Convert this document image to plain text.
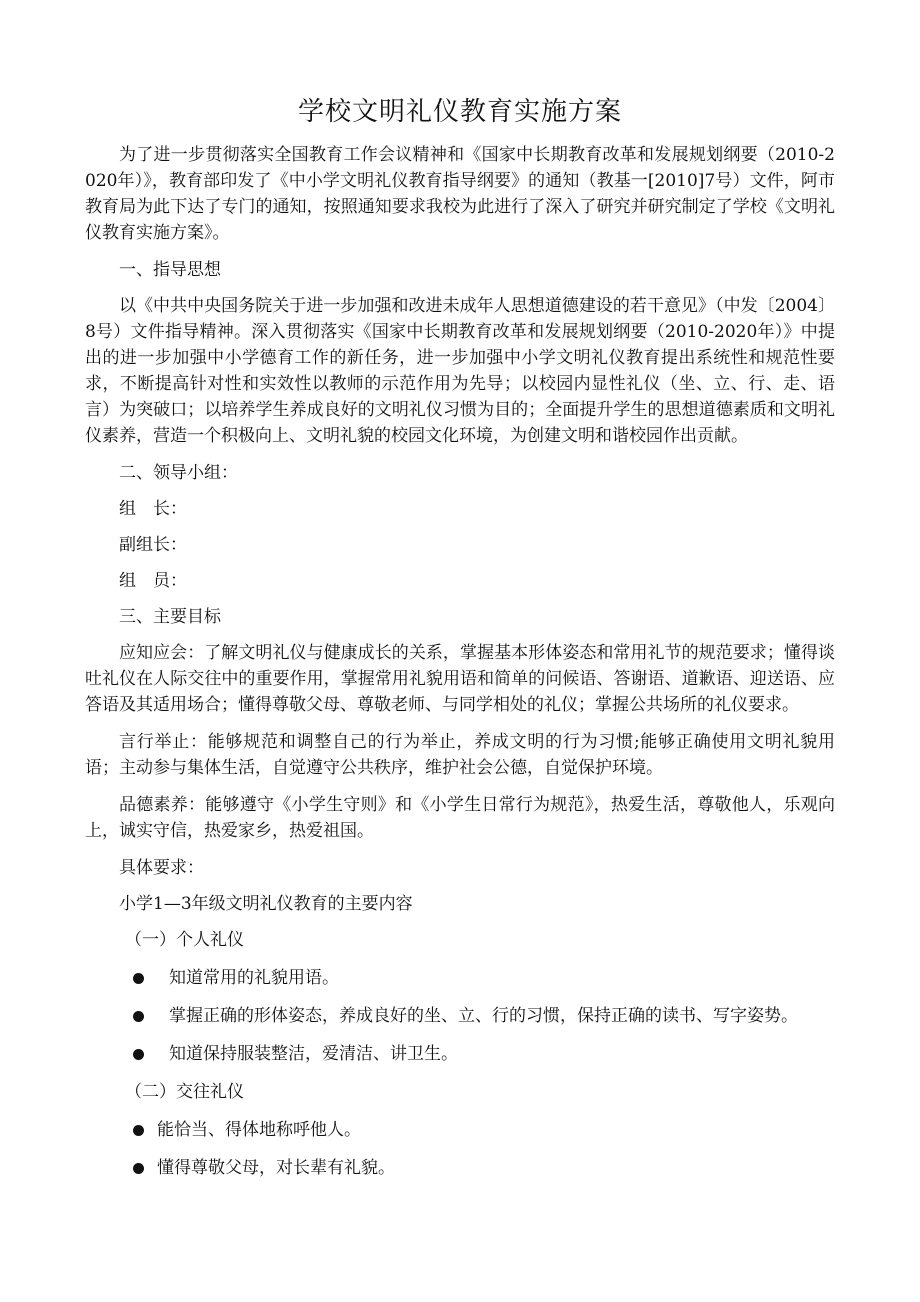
学校文明礼仪教育实施方案

为了进一步贯彻落实全国教育工作会议精神和《国家中长期教育改革和发展规划纲要（2010-2020年）》，教育部印发了《中小学文明礼仪教育指导纲要》的通知（教基一[2010]7号）文件，阿市教育局为此下达了专门的通知，按照通知要求我校为此进行了深入了研究并研究制定了学校《文明礼仪教育实施方案》。

一、指导思想

以《中共中央国务院关于进一步加强和改进未成年人思想道德建设的若干意见》（中发〔2004〕8号）文件指导精神。深入贯彻落实《国家中长期教育改革和发展规划纲要（2010-2020年）》中提出的进一步加强中小学德育工作的新任务，进一步加强中小学文明礼仪教育提出系统性和规范性要求，不断提高针对性和实效性以教师的示范作用为先导；以校园内显性礼仪（坐、立、行、走、语言）为突破口；以培养学生养成良好的文明礼仪习惯为目的；全面提升学生的思想道德素质和文明礼仪素养，营造一个积极向上、文明礼貌的校园文化环境，为创建文明和谐校园作出贡献。

二、领导小组：

组　长：

副组长：

组　员：

三、主要目标

应知应会：了解文明礼仪与健康成长的关系，掌握基本形体姿态和常用礼节的规范要求；懂得谈吐礼仪在人际交往中的重要作用，掌握常用礼貌用语和简单的问候语、答谢语、道歉语、迎送语、应答语及其适用场合；懂得尊敬父母、尊敬老师、与同学相处的礼仪；掌握公共场所的礼仪要求。

言行举止：能够规范和调整自己的行为举止，养成文明的行为习惯;能够正确使用文明礼貌用语；主动参与集体生活，自觉遵守公共秩序，维护社会公德，自觉保护环境。

品德素养：能够遵守《小学生守则》和《小学生日常行为规范》，热爱生活，尊敬他人，乐观向上，诚实守信，热爱家乡，热爱祖国。

具体要求：

小学1—3年级文明礼仪教育的主要内容

（一）个人礼仪
知道常用的礼貌用语。
掌握正确的形体姿态，养成良好的坐、立、行的习惯，保持正确的读书、写字姿势。
知道保持服装整洁，爱清洁、讲卫生。
（二）交往礼仪
能恰当、得体地称呼他人。
懂得尊敬父母，对长辈有礼貌。
